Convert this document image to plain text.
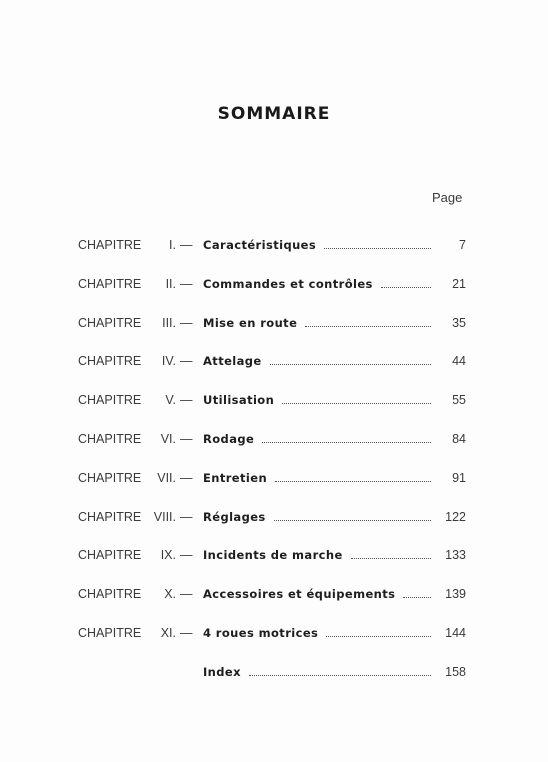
SOMMAIRE
Page
CHAPITRE I. — Caractéristiques	7
CHAPITRE II. — Commandes et contrôles	21
CHAPITRE III. — Mise en route	35
CHAPITRE IV. — Attelage	44
CHAPITRE V. — Utilisation	55
CHAPITRE VI. — Rodage	84
CHAPITRE VII. — Entretien	91
CHAPITRE VIII. — Réglages	122
CHAPITRE IX. — Incidents de marche	133
CHAPITRE X. — Accessoires et équipements	139
CHAPITRE XI. — 4 roues motrices	144
Index	158
